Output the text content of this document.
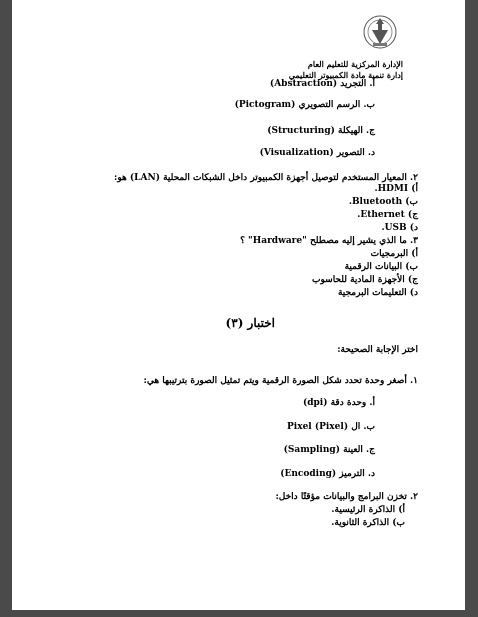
الإدارة المركزية للتعليم العام
إدارة تنمية مادة الكمبيوتر التعليمي
أ. التجريد (Abstraction)
ب. الرسم التصويري (Pictogram)
ج. الهيكلة (Structuring)
د. التصوير (Visualization)
٢. المعيار المستخدم لتوصيل أجهزة الكمبيوتر داخل الشبكات المحلية (LAN) هو:
أ) HDMI.
ب) Bluetooth.
ج) Ethernet.
د) USB.
٣. ما الذي يشير إليه مصطلح "Hardware" ؟
أ) البرمجيات
ب) البيانات الرقمية
ج) الأجهزة المادية للحاسوب
د) التعليمات البرمجية
اختبار (٣)
اختر الإجابة الصحيحة:
١. أصغر وحدة تحدد شكل الصورة الرقمية ويتم تمثيل الصورة بترتيبها هي:
أ. وحدة دقة (dpi)
ب. ال Pixel (Pixel)
ج. العينة (Sampling)
د. الترميز (Encoding)
٢. تخزن البرامج والبيانات مؤقتًا داخل:
أ) الذاكرة الرئيسية.
ب) الذاكرة الثانوية.
